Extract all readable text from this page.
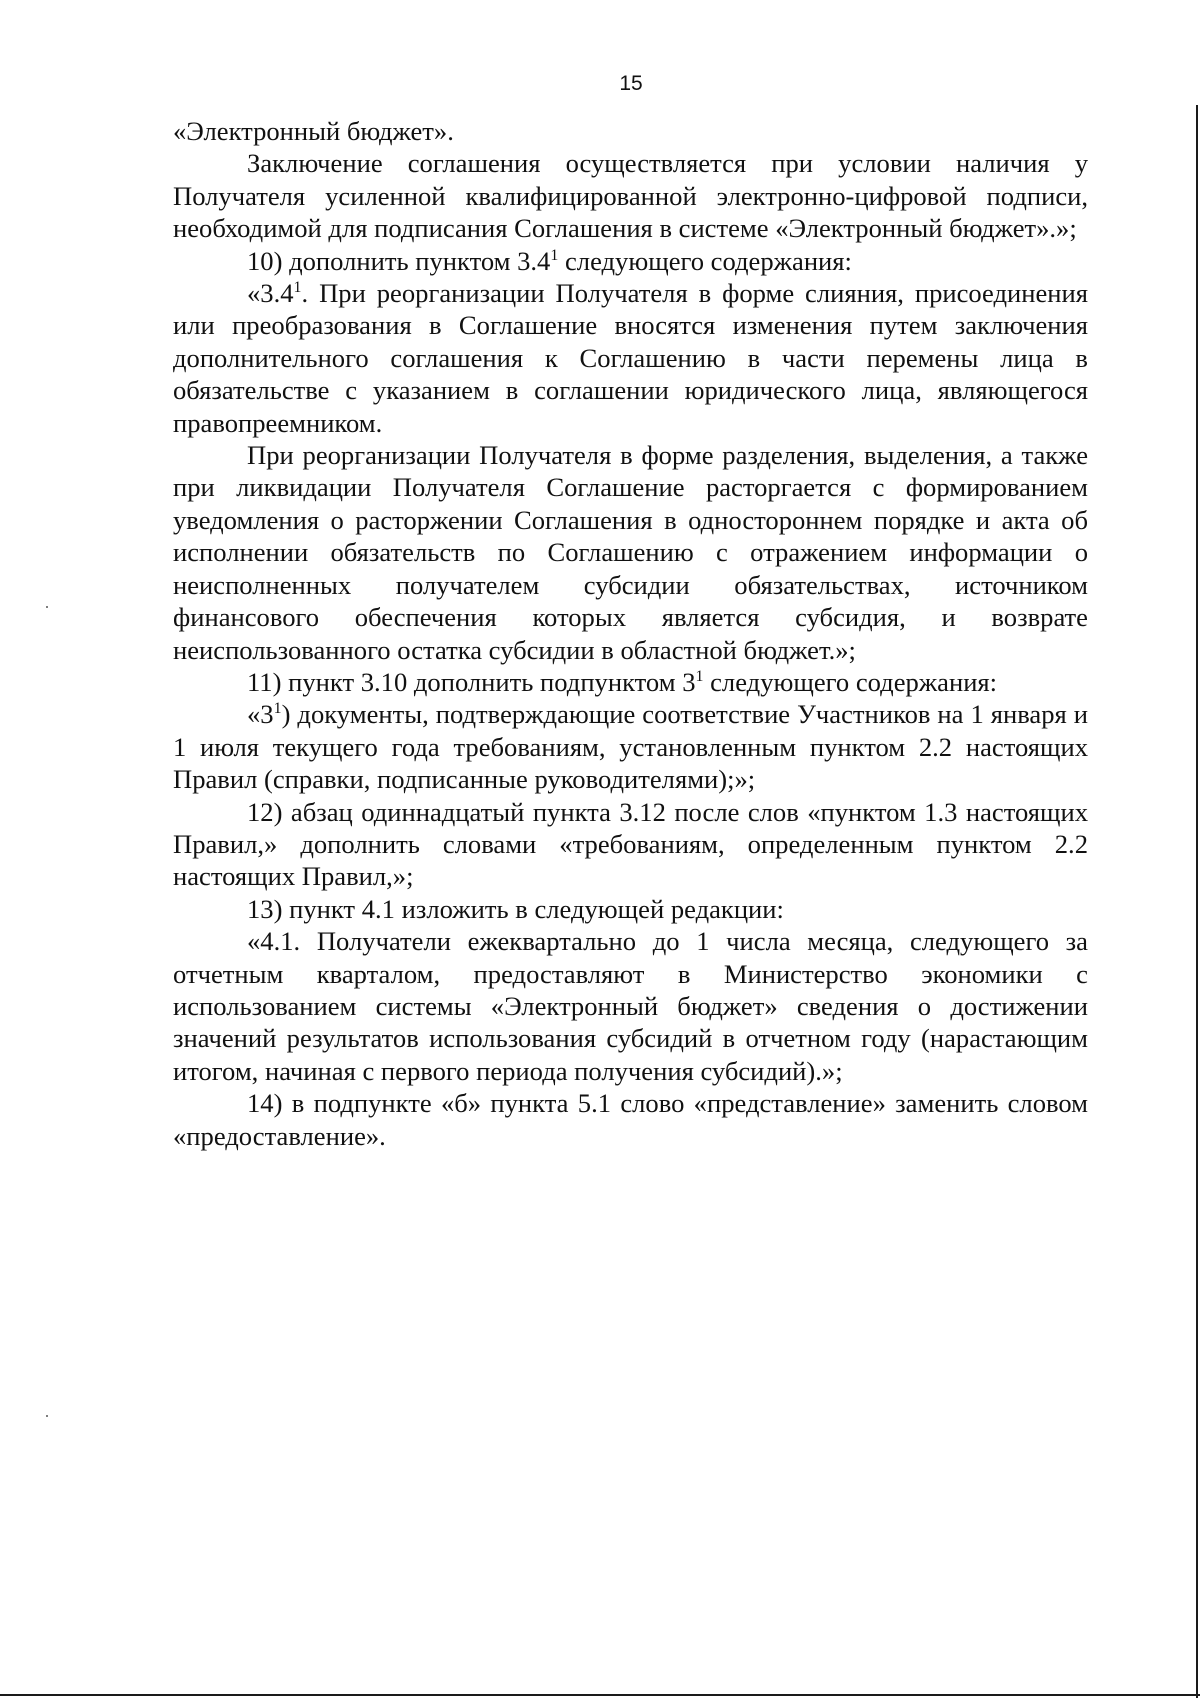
15

«Электронный бюджет».

Заключение соглашения осуществляется при условии наличия у Получателя усиленной квалифицированной электронно-цифровой подписи, необходимой для подписания Соглашения в системе «Электронный бюджет».»;

10) дополнить пунктом $3.4^1$ следующего содержания:

«$3.4^1$. При реорганизации Получателя в форме слияния, присоединения или преобразования в Соглашение вносятся изменения путем заключения дополнительного соглашения к Соглашению в части перемены лица в обязательстве с указанием в соглашении юридического лица, являющегося правопреемником.

При реорганизации Получателя в форме разделения, выделения, а также при ликвидации Получателя Соглашение расторгается с формированием уведомления о расторжении Соглашения в одностороннем порядке и акта об исполнении обязательств по Соглашению с отражением информации о неисполненных получателем субсидии обязательствах, источником финансового обеспечения которых является субсидия, и возврате неиспользованного остатка субсидии в областной бюджет.»;

11) пункт 3.10 дополнить подпунктом $3^1$ следующего содержания:

«$3^1$) документы, подтверждающие соответствие Участников на 1 января и 1 июля текущего года требованиям, установленным пунктом 2.2 настоящих Правил (справки, подписанные руководителями);»;

12) абзац одиннадцатый пункта 3.12 после слов «пунктом 1.3 настоящих Правил,» дополнить словами «требованиям, определенным пунктом 2.2 настоящих Правил,»;

13) пункт 4.1 изложить в следующей редакции:

«4.1. Получатели ежеквартально до 1 числа месяца, следующего за отчетным кварталом, предоставляют в Министерство экономики с использованием системы «Электронный бюджет» сведения о достижении значений результатов использования субсидий в отчетном году (нарастающим итогом, начиная с первого периода получения субсидий).»;

14) в подпункте «б» пункта 5.1 слово «представление» заменить словом «предоставление».
